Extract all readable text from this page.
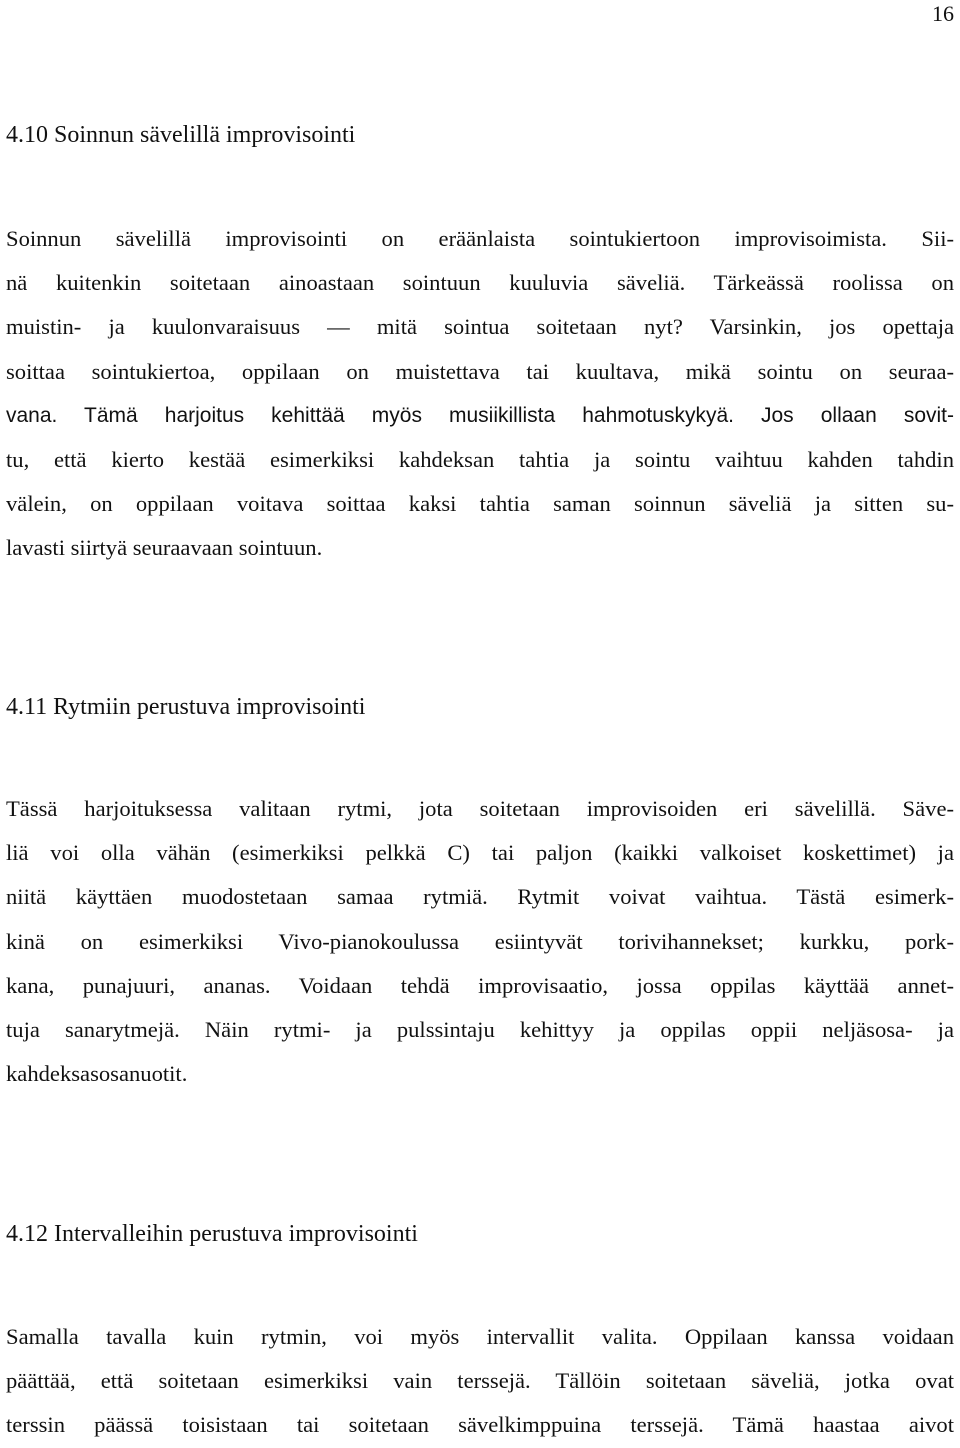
16
4.10 Soinnun sävelillä improvisointi
Soinnun sävelillä improvisointi on eräänlaista sointukiertoon improvisoimista. Sii-
nä kuitenkin soitetaan ainoastaan sointuun kuuluvia säveliä. Tärkeässä roolissa on
muistin- ja kuulonvaraisuus — mitä sointua soitetaan nyt? Varsinkin, jos opettaja
soittaa sointukiertoa, oppilaan on muistettava tai kuultava, mikä sointu on seuraa-
vana. Tämä harjoitus kehittää myös musiikillista hahmotuskykyä. Jos ollaan sovit-
tu, että kierto kestää esimerkiksi kahdeksan tahtia ja sointu vaihtuu kahden tahdin
välein, on oppilaan voitava soittaa kaksi tahtia saman soinnun säveliä ja sitten su-
lavasti siirtyä seuraavaan sointuun.
4.11 Rytmiin perustuva improvisointi
Tässä harjoituksessa valitaan rytmi, jota soitetaan improvisoiden eri sävelillä. Säve-
liä voi olla vähän (esimerkiksi pelkkä C) tai paljon (kaikki valkoiset koskettimet) ja
niitä käyttäen muodostetaan samaa rytmiä. Rytmit voivat vaihtua. Tästä esimerk-
kinä on esimerkiksi Vivo-pianokoulussa esiintyvät torivihannekset; kurkku, pork-
kana, punajuuri, ananas. Voidaan tehdä improvisaatio, jossa oppilas käyttää annet-
tuja sanarytmejä. Näin rytmi- ja pulssintaju kehittyy ja oppilas oppii neljäsosa- ja
kahdeksasosanuotit.
4.12 Intervalleihin perustuva improvisointi
Samalla tavalla kuin rytmin, voi myös intervallit valita. Oppilaan kanssa voidaan
päättää, että soitetaan esimerkiksi vain terssejä. Tällöin soitetaan säveliä, jotka ovat
terssin päässä toisistaan tai soitetaan sävelkimppuina terssejä. Tämä haastaa aivot
